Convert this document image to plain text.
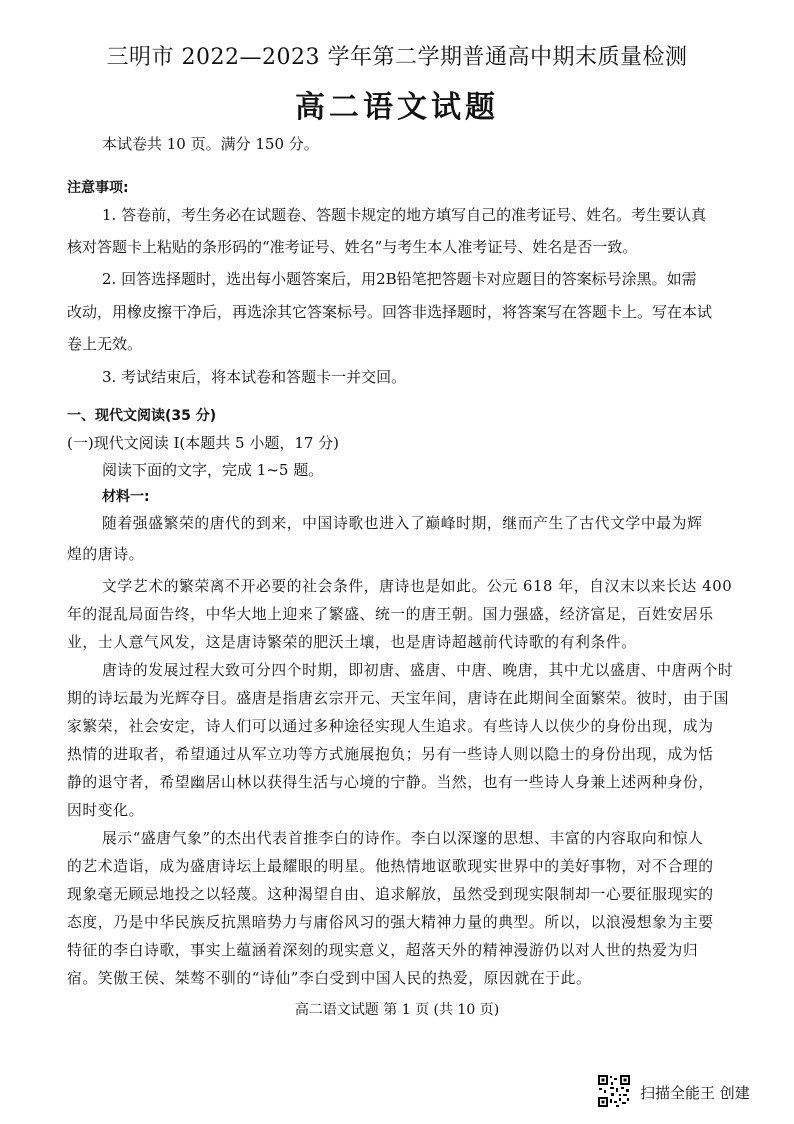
三明市 2022—2023 学年第二学期普通高中期末质量检测
高二语文试题
本试卷共 10 页。满分 150 分。
注意事项:
1. 答卷前，考生务必在试题卷、答题卡规定的地方填写自己的准考证号、姓名。考生要认真
核对答题卡上粘贴的条形码的“准考证号、姓名”与考生本人准考证号、姓名是否一致。
2. 回答选择题时，选出每小题答案后，用2B铅笔把答题卡对应题目的答案标号涂黑。如需
改动，用橡皮擦干净后，再选涂其它答案标号。回答非选择题时，将答案写在答题卡上。写在本试
卷上无效。
3. 考试结束后，将本试卷和答题卡一并交回。
一、现代文阅读(35 分)
(一)现代文阅读 I(本题共 5 小题，17 分)
阅读下面的文字，完成 1~5 题。
材料一:
随着强盛繁荣的唐代的到来，中国诗歌也进入了巅峰时期，继而产生了古代文学中最为辉
煌的唐诗。
文学艺术的繁荣离不开必要的社会条件，唐诗也是如此。公元 618 年，自汉末以来长达 400
年的混乱局面告终，中华大地上迎来了繁盛、统一的唐王朝。国力强盛，经济富足，百姓安居乐
业，士人意气风发，这是唐诗繁荣的肥沃土壤，也是唐诗超越前代诗歌的有利条件。
唐诗的发展过程大致可分四个时期，即初唐、盛唐、中唐、晚唐，其中尤以盛唐、中唐两个时
期的诗坛最为光辉夺目。盛唐是指唐玄宗开元、天宝年间，唐诗在此期间全面繁荣。彼时，由于国
家繁荣，社会安定，诗人们可以通过多种途径实现人生追求。有些诗人以侠少的身份出现，成为
热情的进取者，希望通过从军立功等方式施展抱负；另有一些诗人则以隐士的身份出现，成为恬
静的退守者，希望幽居山林以获得生活与心境的宁静。当然，也有一些诗人身兼上述两种身份，
因时变化。
展示“盛唐气象”的杰出代表首推李白的诗作。李白以深邃的思想、丰富的内容取向和惊人
的艺术造诣，成为盛唐诗坛上最耀眼的明星。他热情地讴歌现实世界中的美好事物，对不合理的
现象毫无顾忌地投之以轻蔑。这种渴望自由、追求解放，虽然受到现实限制却一心要征服现实的
态度，乃是中华民族反抗黑暗势力与庸俗风习的强大精神力量的典型。所以，以浪漫想象为主要
特征的李白诗歌，事实上蕴涵着深刻的现实意义，超落天外的精神漫游仍以对人世的热爱为归
宿。笑傲王侯、桀骜不驯的“诗仙”李白受到中国人民的热爱，原因就在于此。
高二语文试题 第 1 页 (共 10 页)
扫描全能王 创建
